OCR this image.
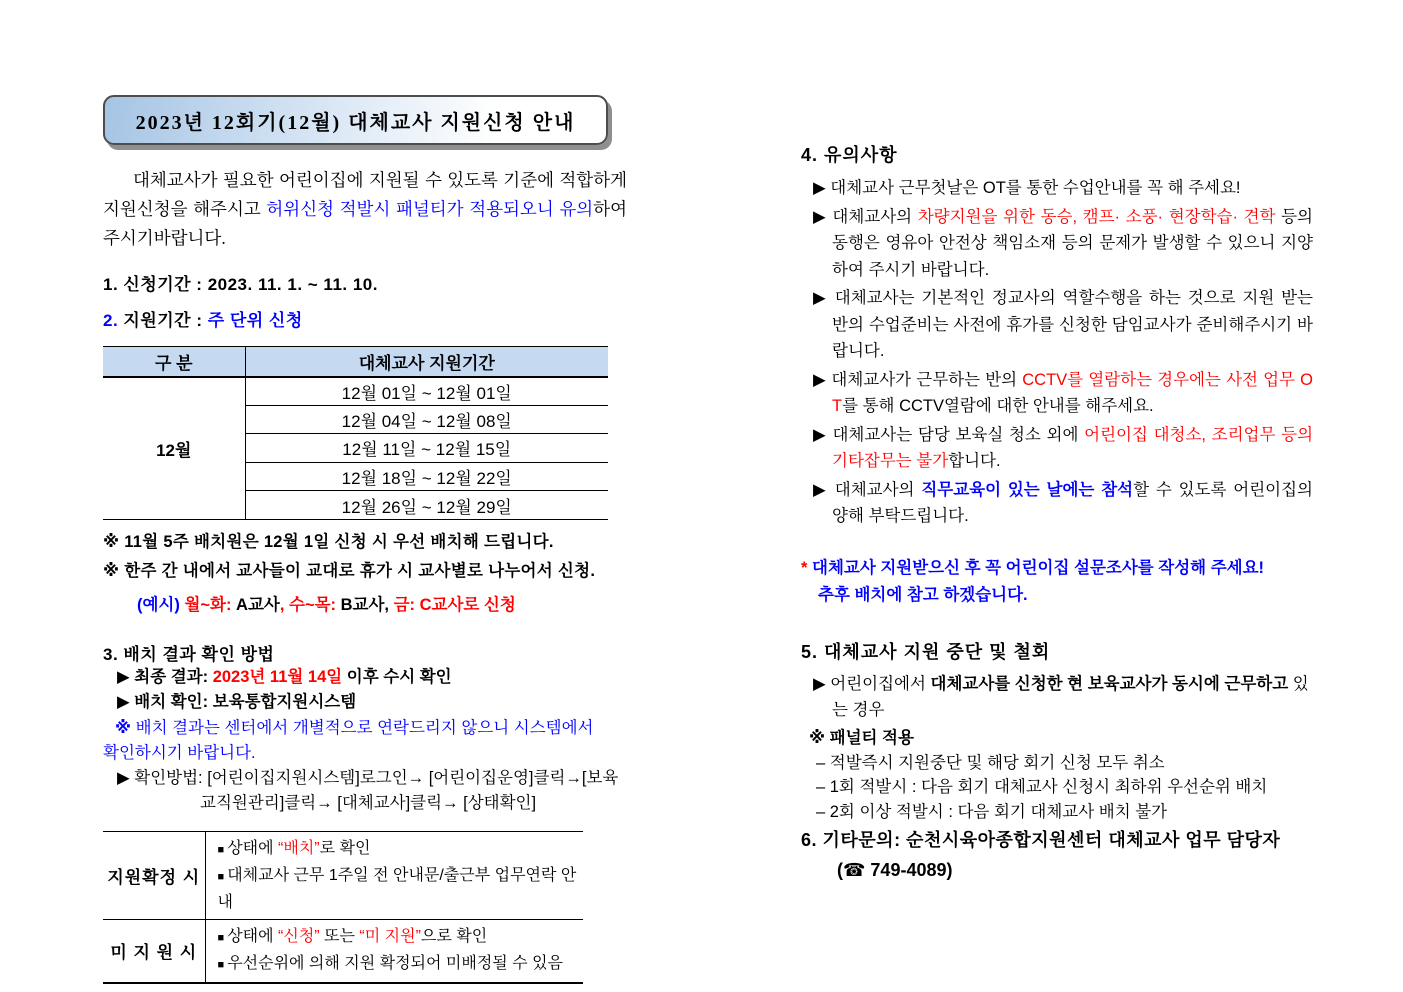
2023년 12회기(12월) 대체교사 지원신청 안내
대체교사가 필요한 어린이집에 지원될 수 있도록 기준에 적합하게 지원신청을 해주시고 허위신청 적발시 패널티가 적용되오니 유의하여주시기바랍니다.
1. 신청기간 : 2023. 11. 1. ~ 11. 10.
2. 지원기간 : 주 단위 신청
구 분	대체교사 지원기간
12월	12월 01일 ~ 12월 01일
	12월 04일 ~ 12월 08일
	12월 11일 ~ 12월 15일
	12월 18일 ~ 12월 22일
	12월 26일 ~ 12월 29일
※ 11월 5주 배치원은 12월 1일 신청 시 우선 배치해 드립니다.
※ 한주 간 내에서 교사들이 교대로 휴가 시 교사별로 나누어서 신청.
(예시) 월~화: A교사, 수~목: B교사, 금: C교사로 신청
3. 배치 결과 확인 방법
▶ 최종 결과: 2023년 11월 14일 이후 수시 확인
▶ 배치 확인: 보육통합지원시스템
※ 배치 결과는 센터에서 개별적으로 연락드리지 않으니 시스템에서
확인하시기 바랍니다.
▶ 확인방법: [어린이집지원시스템]로그인→ [어린이집운영]클릭→[보육
교직원관리]클릭→ [대체교사]클릭→ [상태확인]
지원확정 시	■ 상태에 “배치”로 확인
■ 대체교사 근무 1주일 전 안내문/출근부 업무연락 안내

미 지 원 시	■ 상태에 “신청” 또는 “미 지원”으로 확인
■ 우선순위에 의해 지원 확정되어 미배정될 수 있음
4. 유의사항
▶ 대체교사 근무첫날은 OT를 통한 수업안내를 꼭 해 주세요!
▶ 대체교사의 차량지원을 위한 동승, 캠프· 소풍· 현장학습· 견학 등의 동행은 영유아 안전상 책임소재 등의 문제가 발생할 수 있으니 지양하여 주시기 바랍니다.
▶ 대체교사는 기본적인 정교사의 역할수행을 하는 것으로 지원 받는 반의 수업준비는 사전에 휴가를 신청한 담임교사가 준비해주시기 바랍니다.
▶ 대체교사가 근무하는 반의 CCTV를 열람하는 경우에는 사전 업무 OT를 통해 CCTV열람에 대한 안내를 해주세요.
▶ 대체교사는 담당 보육실 청소 외에 어린이집 대청소, 조리업무 등의 기타잡무는 불가합니다.
▶ 대체교사의 직무교육이 있는 날에는 참석할 수 있도록 어린이집의 양해 부탁드립니다.
* 대체교사 지원받으신 후 꼭 어린이집 설문조사를 작성해 주세요!
추후 배치에 참고 하겠습니다.
5. 대체교사 지원 중단 및 철회
▶ 어린이집에서 대체교사를 신청한 현 보육교사가 동시에 근무하고 있는 경우
※ 패널티 적용
– 적발즉시 지원중단 및 해당 회기 신청 모두 취소
– 1회 적발시 : 다음 회기 대체교사 신청시 최하위 우선순위 배치
– 2회 이상 적발시 : 다음 회기 대체교사 배치 불가
6. 기타문의: 순천시육아종합지원센터 대체교사 업무 담당자
(☎ 749-4089)
